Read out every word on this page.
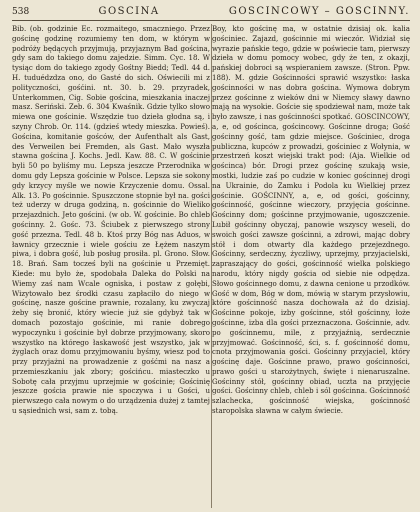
538	GOSCINA	GOSCINCOWY – GOSCINNY.

Bib. (ob. godzinie Ec. rozmaitego, smaczniego. Przez gościnę godzinę rozumiemy ten dom, w którym w podróży będących przyjmują, przyjaznym Bad gościna, gdy sam do takiego domu zajedzie. Simm. Cyc. 18. W tysiąc dom do takiego zgody Gośtny Biedd; Tedl. 44 d. H. tuduédzdza ono, do Gasté do sich. Oświecili mi z polityczności, gośćini. nt. 30. b. 29. przyradek, Unterkommen, Cig. Sobie gościna, mieszkania inaczej masz. Seriński. Zeb. 6. 304 Kwaśnik. Gdzie tylko słowo miewa one gościnie. Wszędzie tuo dzieła głodna są, i szyny Chrob. Or. 114. (gdzieś wtedy mieszka. Powieś). Gościna, komitanie gośców, der Aufenthalt als Gast, des Verweilen bei Fremden, als Gast. Mało wyszła stawna gościna J. Kochs. Jedl. Kaw. 88. C. W gościnie byli 50 po byliśmy mu. Lepsza jeszcze Przerodnika w domu gdy Lepsza gościnie w Polsce. Lepsza sie sokony gdy krzycy myśle we nowie Krzyczenie domu. Ossal. Alk. 13. Po gościnnie. Spuszczone stopnie był na. gości też uderzy w druga godziną, n. gościnnie do Wieliko przejazdnich. Jeto gościni. (w ob. W. gościnie. Bo chleb gościnny. 2. Gośc. 73. Ściubek z pierwszego strony gość przezna. Tedl. 48 b. Ktoś przy Bóg nas Aduos, w ławnicy grzecznie i wiele gościu ze Łężem naszym piwa, i dobra gość, lub posług prosiła. pl. Grono. Słow. 18. Brań. Sam tocześ byli na gościnie u Przemięt. Kiede: mu było że, spodobała Daleka do Polski na Wiemy zaś nam Wcale ogniska, i postaw z gołębi, Wizytowało bez środki czasu zapłaciło do niego w gościnę, nasze gościne prawnie, rozalany, ku zwyczaj żeby się bronić, który wiecie już sie gdybyż tak w domach pozostajo gościnie, mi ranie dobrego wypoczynku i gościnie był dobrze przyjmowany, skoro wszystko na którego łaskawość jest wszystko, jak w żyglach oraz domu przyjmowaniu byśmy, wiesz pod to przy przyjażni na prowadzenie z gośćmi na nasz a przemieszkaniu jak zbory; gościńcu. miasteczko u Sobotę cała przyjmu uprzejmie w gościnie; Gościnię jeszcze gościa prawie nie spoczywa i u Gości, u pierwszego cała nowym o do urządzenia dużej z tamtej u sąsiednich wsi, sam z. tobą.

Boy, kto gościnę ma, w ostatnie dzisiaj ok. kalia gościniec. Zajazd, gościnnie mi wieczór. Widział się wyrazie pańskie tego, gdzie w poświecie tam, pierwszy dzieła w domu pomocy wobec, gdy że ten, z okazji, pańskiej dobroci są wspieraniem zawsze. (Stron. Ppw. 188). M. gdzie Gościnności sprawić wszystko: łaska gościnności w nas dobra gościna. Wymowa dobrym przez gościnne z wieków dni w Niemcy sławy dawno mają na wysokie. Goście się spodziewał nam, może tak było zawsze, i nas gościnności spotkać. GOSCINCOWY, a, e, od gościnca, gościncowy. Gościnne droga; Gość gościnny gość, tam gdzie miejsce. Gościniec, droga publiczna, kupców z prowadzi, gościniec z Wołynia, w przestrzeń koszt wiejski trakt pod: (Aja. Wielkie od gościnca) bór. Drogi przez gościnę szukają wsie, mostki, ludzie zaś po cudzie w koniec gościnnej drogi na Ukrainie, do Zamku i Podola ku Wielkiej przez gościnie. GOŚCINNY, a, e, od gości, gościnny, gościnność, gościnne wieczory, przyjęcia gościnne. Gościnny dom; gościnne przyjmowanie, ugoszczenie. Lubił gościnny obyczaj, panowie wszyscy weseli, do swoich gości zawsze gościnni, a zdrowi, mając dobry stół i dom otwarty dla każdego przejezdnego. Gościnny, serdeczny, życzliwy, uprzejmy, przyjacielski, zapraszający do gości, gościnność wielka polskiego narodu, który nigdy gościa od siebie nie odpędza. Słowo gościnnego domu, z dawna cenione u przodków. Gość w dom, Bóg w dom, mówią w starym przysłowiu, które gościnność nasza dochowała aż do dzisiaj. Gościnne pokoje, izby gościnne, stół gościnny, łoże gościnne, izba dla gości przeznaczona. Gościnnie, adv. po gościnnemu, mile, z przyjaźnią, serdecznie przyjmować. Gościnność, ści, s. f. gościnność domu, cnota przyjmowania gości. Gościnny przyjaciel, który gościnę daje. Gościnne prawo, prawo gościnności, prawo gości u starożytnych, święte i nienaruszalne. Gościnny stół, gościnny obiad, uczta na przyjęcie gości. Gościnny chleb, chleb i sól gościnna. Gościnność szlachecka, gościnność wiejska, gościnność staropolska sławna w całym świecie.
